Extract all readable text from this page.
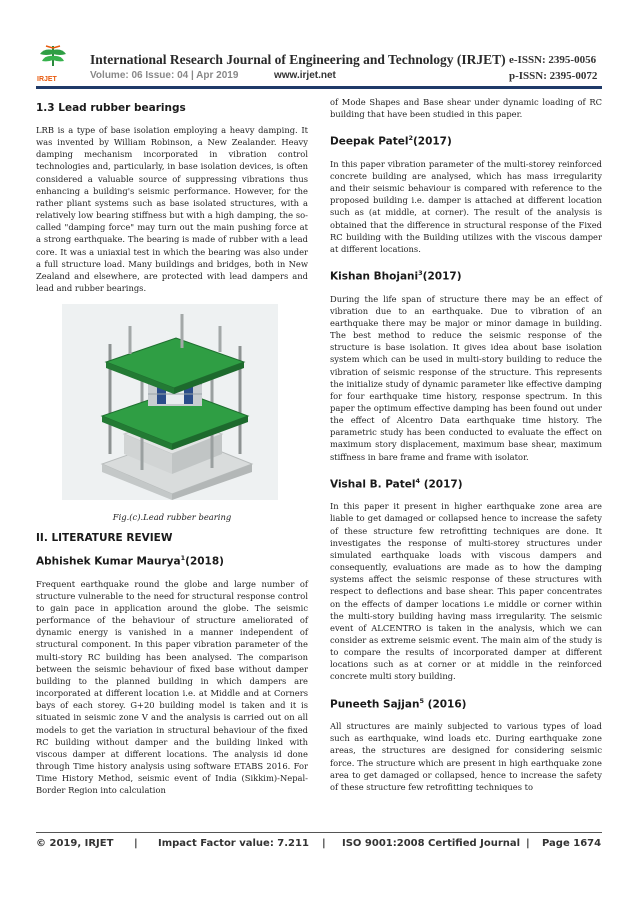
IRJET
International Research Journal of Engineering and Technology (IRJET) e-ISSN: 2395-0056
Volume: 06 Issue: 04 | Apr 2019	www.irjet.net	p-ISSN: 2395-0072
1.3 Lead rubber bearings

LRB is a type of base isolation employing a heavy damping. It was invented by William Robinson, a New Zealander. Heavy damping mechanism incorporated in vibration control technologies and, particularly, in base isolation devices, is often considered a valuable source of suppressing vibrations thus enhancing a building's seismic performance. However, for the rather pliant systems such as base isolated structures, with a relatively low bearing stiffness but with a high damping, the so-called "damping force" may turn out the main pushing force at a strong earthquake. The bearing is made of rubber with a lead core. It was a uniaxial test in which the bearing was also under a full structure load. Many buildings and bridges, both in New Zealand and elsewhere, are protected with lead dampers and lead and rubber bearings.

Fig.(c).Lead rubber bearing
II. LITERATURE REVIEW
Abhishek Kumar Maurya$^1$(2018)

Frequent earthquake round the globe and large number of structure vulnerable to the need for structural response control to gain pace in application around the globe. The seismic performance of the behaviour of structure ameliorated of dynamic energy is vanished in a manner independent of structural component. In this paper vibration parameter of the multi-story RC building has been analysed. The comparison between the seismic behaviour of fixed base without damper building to the planned building in which dampers are incorporated at different location i.e. at Middle and at Corners bays of each storey. G+20 building model is taken and it is situated in seismic zone V and the analysis is carried out on all models to get the variation in structural behaviour of the fixed RC building without damper and the building linked with viscous damper at different locations. The analysis id done through Time history analysis using software ETABS 2016. For Time History Method, seismic event of India (Sikkim)-Nepal-Border Region into calculation

of Mode Shapes and Base shear under dynamic loading of RC building that have been studied in this paper.

Deepak Patel$^2$(2017)

In this paper vibration parameter of the multi-storey reinforced concrete building are analysed, which has mass irregularity and their seismic behaviour is compared with reference to the proposed building i.e. damper is attached at different location such as (at middle, at corner). The result of the analysis is obtained that the difference in structural response of the Fixed RC building with the Building utilizes with the viscous damper at different locations.

Kishan Bhojani$^3$(2017)

During the life span of structure there may be an effect of vibration due to an earthquake. Due to vibration of an earthquake there may be major or minor damage in building. The best method to reduce the seismic response of the structure is base isolation. It gives idea about base isolation system which can be used in multi-story building to reduce the vibration of seismic response of the structure. This represents the initialize study of dynamic parameter like effective damping for four earthquake time history, response spectrum. In this paper the optimum effective damping has been found out under the effect of Alcentro Data earthquake time history. The parametric study has been conducted to evaluate the effect on maximum story displacement, maximum base shear, maximum stiffness in bare frame and frame with isolator.

Vishal B. Patel$^4$ (2017)

In this paper it present in higher earthquake zone area are liable to get damaged or collapsed hence to increase the safety of these structure few retrofitting techniques are done. It investigates the response of multi-storey structures under simulated earthquake loads with viscous dampers and consequently, evaluations are made as to how the damping systems affect the seismic response of these structures with respect to deflections and base shear. This paper concentrates on the effects of damper locations i.e middle or corner within the multi-story building having mass irregularity. The seismic event of ALCENTRO is taken in the analysis, which we can consider as extreme seismic event. The main aim of the study is to compare the results of incorporated damper at different locations such as at corner or at middle in the reinforced concrete multi story building.

Puneeth Sajjan$^5$ (2016)

All structures are mainly subjected to various types of load such as earthquake, wind loads etc. During earthquake zone areas, the structures are designed for considering seismic force. The structure which are present in high earthquake zone area to get damaged or collapsed, hence to increase the safety of these structure few retrofitting techniques to

© 2019, IRJET | Impact Factor value: 7.211 | ISO 9001:2008 Certified Journal | Page 1674
